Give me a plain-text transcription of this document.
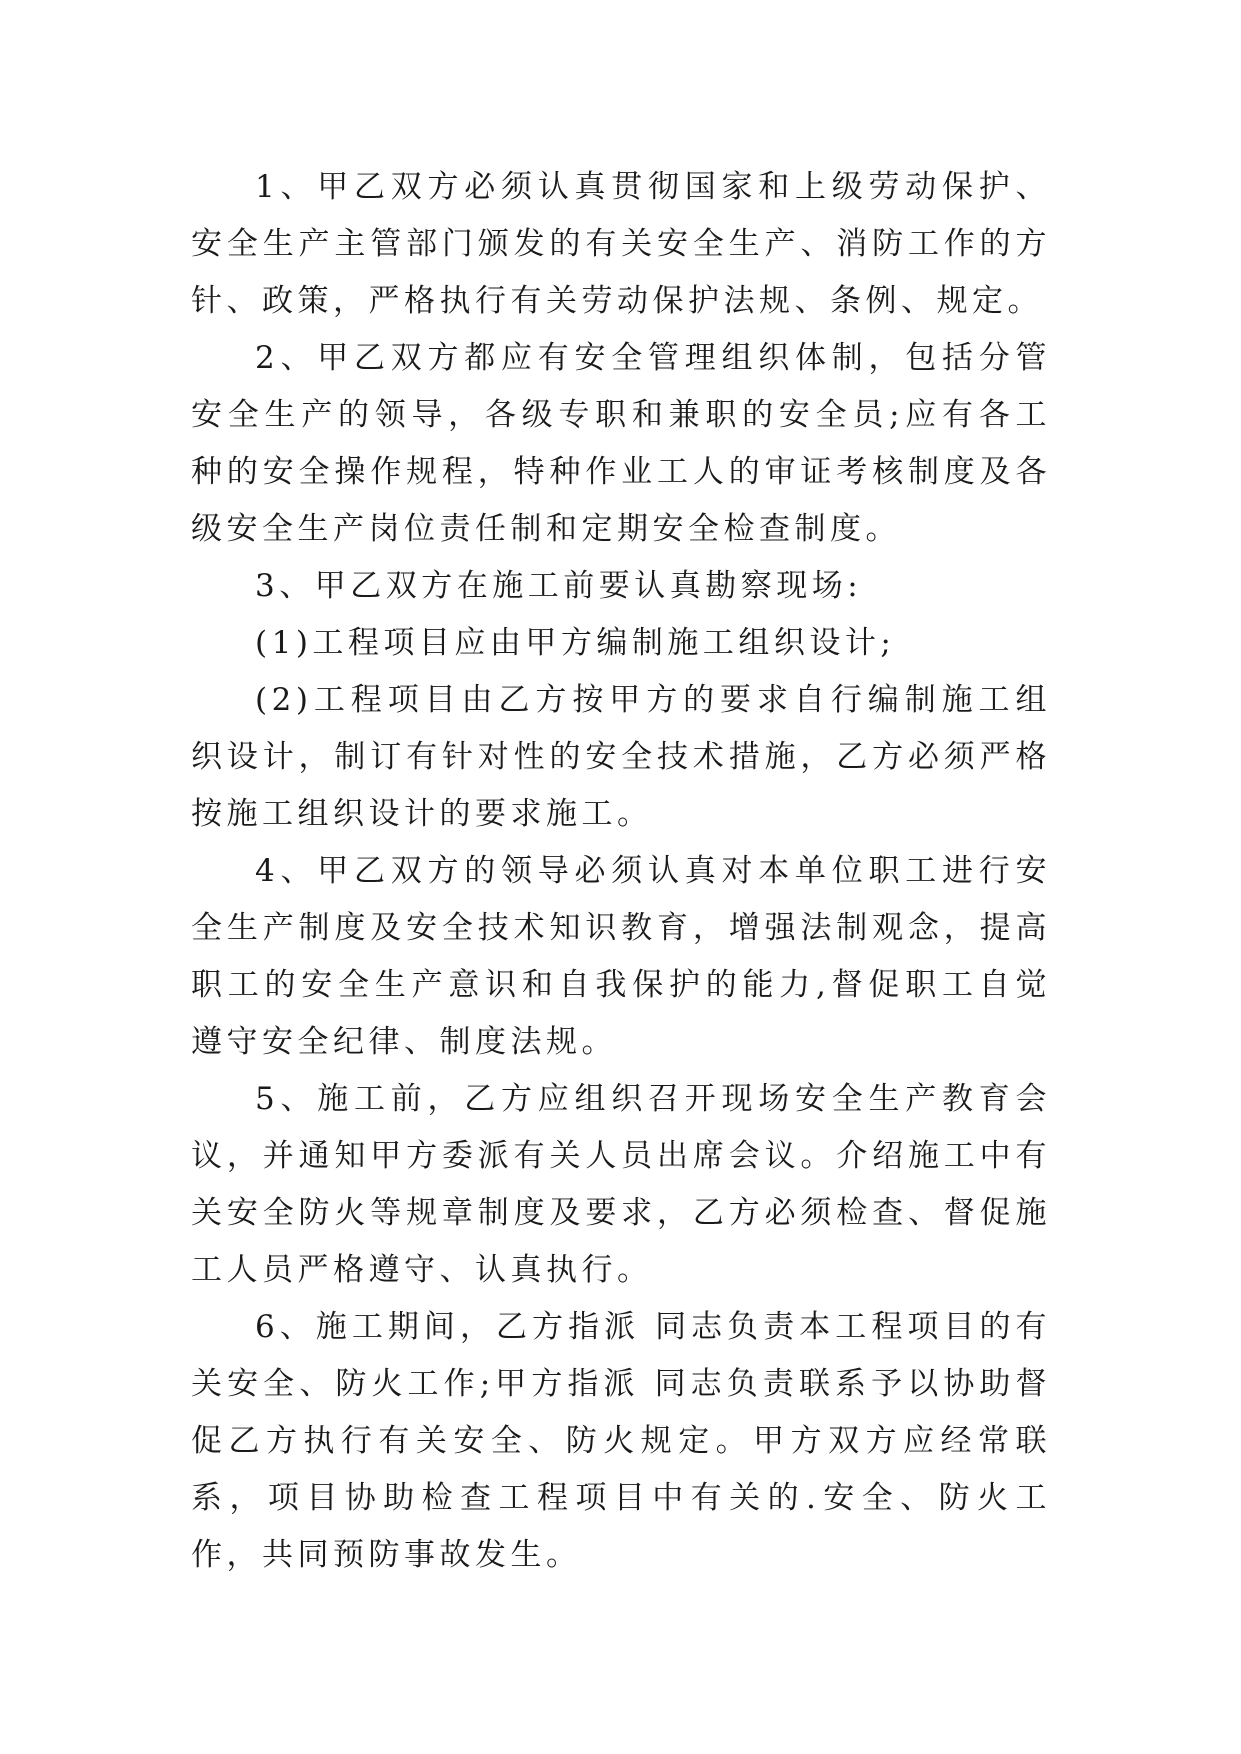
1、甲乙双方必须认真贯彻国家和上级劳动保护、安全生产主管部门颁发的有关安全生产、消防工作的方针、政策，严格执行有关劳动保护法规、条例、规定。

2、甲乙双方都应有安全管理组织体制，包括分管安全生产的领导，各级专职和兼职的安全员;应有各工种的安全操作规程，特种作业工人的审证考核制度及各级安全生产岗位责任制和定期安全检查制度。

3、甲乙双方在施工前要认真勘察现场:

(1)工程项目应由甲方编制施工组织设计;

(2)工程项目由乙方按甲方的要求自行编制施工组织设计，制订有针对性的安全技术措施，乙方必须严格按施工组织设计的要求施工。

4、甲乙双方的领导必须认真对本单位职工进行安全生产制度及安全技术知识教育，增强法制观念，提高职工的安全生产意识和自我保护的能力,督促职工自觉遵守安全纪律、制度法规。

5、施工前，乙方应组织召开现场安全生产教育会议，并通知甲方委派有关人员出席会议。介绍施工中有关安全防火等规章制度及要求，乙方必须检查、督促施工人员严格遵守、认真执行。

6、施工期间，乙方指派 同志负责本工程项目的有关安全、防火工作;甲方指派 同志负责联系予以协助督促乙方执行有关安全、防火规定。甲方双方应经常联系，项目协助检查工程项目中有关的.安全、防火工作，共同预防事故发生。
